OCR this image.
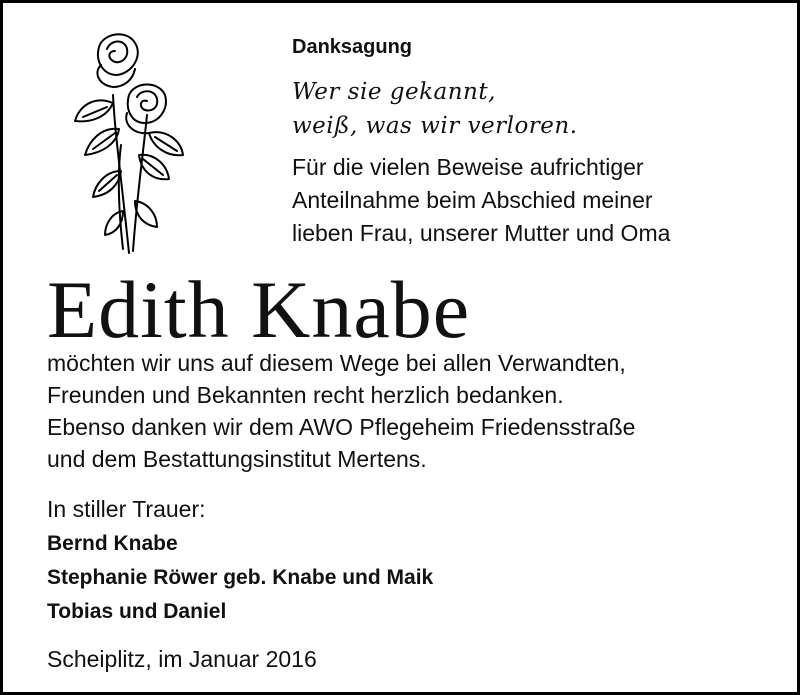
Danksagung
Wer sie gekannt,
weiß, was wir verloren.
Für die vielen Beweise aufrichtiger
Anteilnahme beim Abschied meiner
lieben Frau, unserer Mutter und Oma
Edith Knabe
möchten wir uns auf diesem Wege bei allen Verwandten,
Freunden und Bekannten recht herzlich bedanken.
Ebenso danken wir dem AWO Pflegeheim Friedensstraße
und dem Bestattungsinstitut Mertens.
In stiller Trauer:
Bernd Knabe
Stephanie Röwer geb. Knabe und Maik
Tobias und Daniel
Scheiplitz, im Januar 2016
